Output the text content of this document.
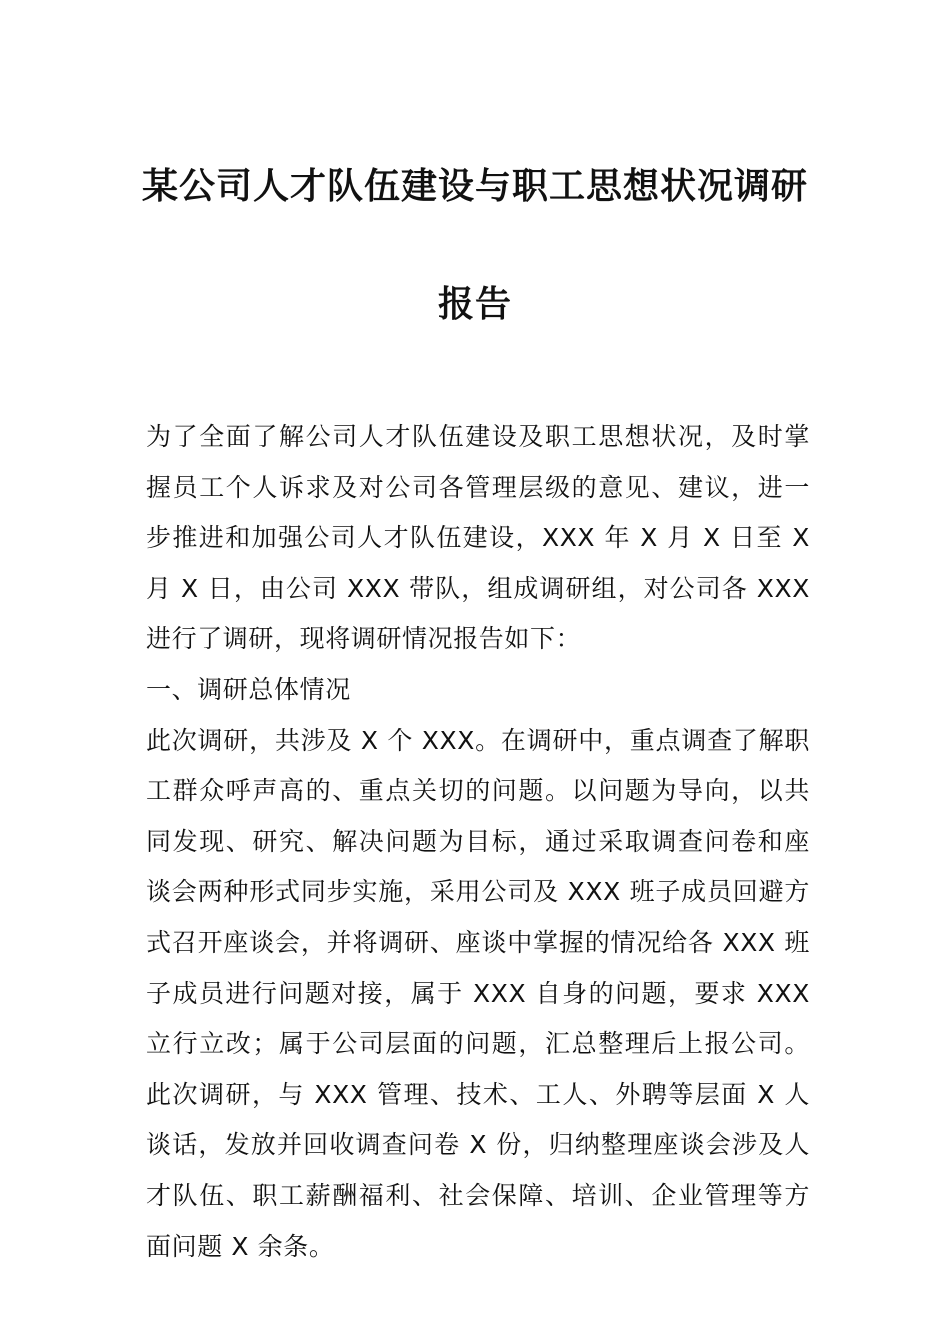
某公司人才队伍建设与职工思想状况调研
报告

为了全面了解公司人才队伍建设及职工思想状况，及时掌握员工个人诉求及对公司各管理层级的意见、建议，进一步推进和加强公司人才队伍建设，XXX 年 X 月 X 日至 X 月 X 日，由公司 XXX 带队，组成调研组，对公司各 XXX 进行了调研，现将调研情况报告如下：

一、调研总体情况

此次调研，共涉及 X 个 XXX。在调研中，重点调查了解职工群众呼声高的、重点关切的问题。以问题为导向，以共同发现、研究、解决问题为目标，通过采取调查问卷和座谈会两种形式同步实施，采用公司及 XXX 班子成员回避方式召开座谈会，并将调研、座谈中掌握的情况给各 XXX 班子成员进行问题对接，属于 XXX 自身的问题，要求 XXX 立行立改；属于公司层面的问题，汇总整理后上报公司。此次调研，与 XXX 管理、技术、工人、外聘等层面 X 人谈话，发放并回收调查问卷 X 份，归纳整理座谈会涉及人才队伍、职工薪酬福利、社会保障、培训、企业管理等方面问题 X 余条。
